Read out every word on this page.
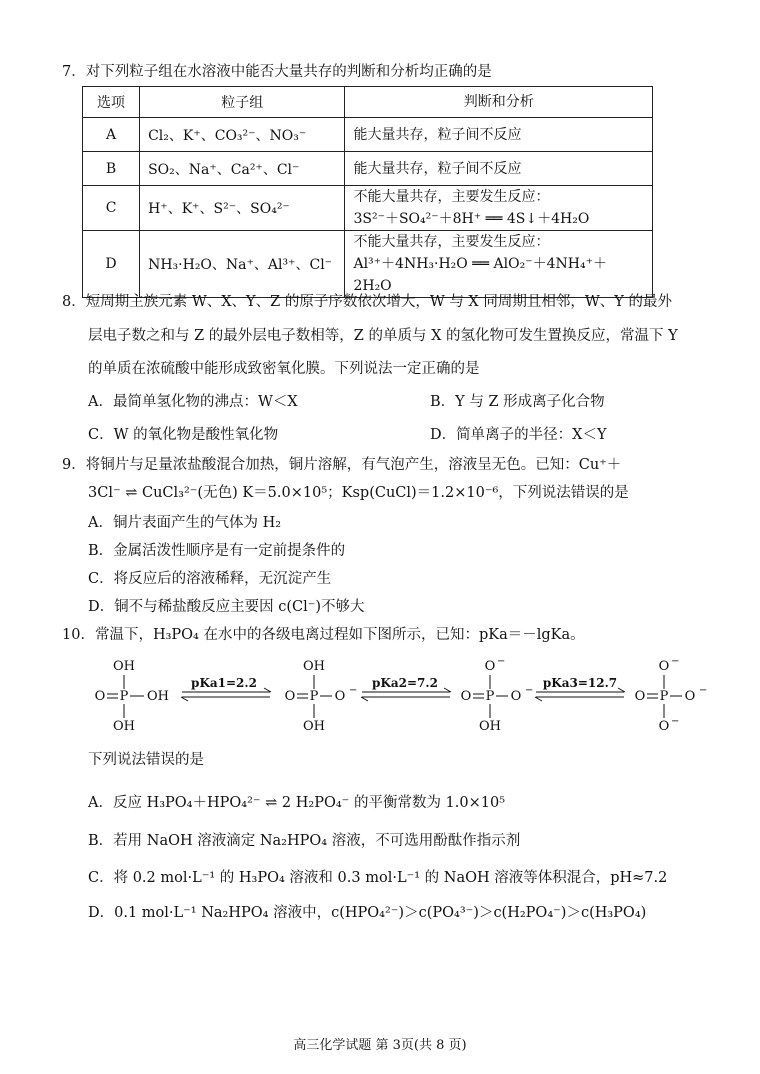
7．对下列粒子组在水溶液中能否大量共存的判断和分析均正确的是
选项	粒子组	判断和分析
A	Cl₂、K⁺、CO₃²⁻、NO₃⁻	能大量共存，粒子间不反应
B	SO₂、Na⁺、Ca²⁺、Cl⁻	能大量共存，粒子间不反应
C	H⁺、K⁺、S²⁻、SO₄²⁻	不能大量共存，主要发生反应：
3S²⁻＋SO₄²⁻＋8H⁺ ══ 4S↓＋4H₂O

D	NH₃·H₂O、Na⁺、Al³⁺、Cl⁻	不能大量共存，主要发生反应：
Al³⁺＋4NH₃·H₂O ══ AlO₂⁻＋4NH₄⁺＋2H₂O
8．短周期主族元素 W、X、Y、Z 的原子序数依次增大，W 与 X 同周期且相邻，W、Y 的最外
层电子数之和与 Z 的最外层电子数相等，Z 的单质与 X 的氢化物可发生置换反应，常温下 Y
的单质在浓硫酸中能形成致密氧化膜。下列说法一定正确的是
A．最简单氢化物的沸点：W＜X	B．Y 与 Z 形成离子化合物
C．W 的氧化物是酸性氧化物	D．简单离子的半径：X＜Y
9．将铜片与足量浓盐酸混合加热，铜片溶解，有气泡产生，溶液呈无色。已知：Cu⁺＋
3Cl⁻ ⇌ CuCl₃²⁻(无色) K＝5.0×10⁵；Ksp(CuCl)＝1.2×10⁻⁶，下列说法错误的是
A．铜片表面产生的气体为 H₂
B．金属活泼性顺序是有一定前提条件的
C．将反应后的溶液稀释，无沉淀产生
D．铜不与稀盐酸反应主要因 c(Cl⁻)不够大
10．常温下，H₃PO₄ 在水中的各级电离过程如下图所示，已知：pKa＝－lgKa。
OH
O P OH
OH
pKa1=2.2
OH
O P O −
OH
pKa2=7.2
O −
O P O −
OH
pKa3=12.7
O −
O P O −
O −
下列说法错误的是
A．反应 H₃PO₄＋HPO₄²⁻ ⇌ 2 H₂PO₄⁻ 的平衡常数为 1.0×10⁵
B．若用 NaOH 溶液滴定 Na₂HPO₄ 溶液，不可选用酚酞作指示剂
C．将 0.2 mol·L⁻¹ 的 H₃PO₄ 溶液和 0.3 mol·L⁻¹ 的 NaOH 溶液等体积混合，pH≈7.2
D．0.1 mol·L⁻¹ Na₂HPO₄ 溶液中，c(HPO₄²⁻)＞c(PO₄³⁻)＞c(H₂PO₄⁻)＞c(H₃PO₄)
高三化学试题 第 3页(共 8 页)
